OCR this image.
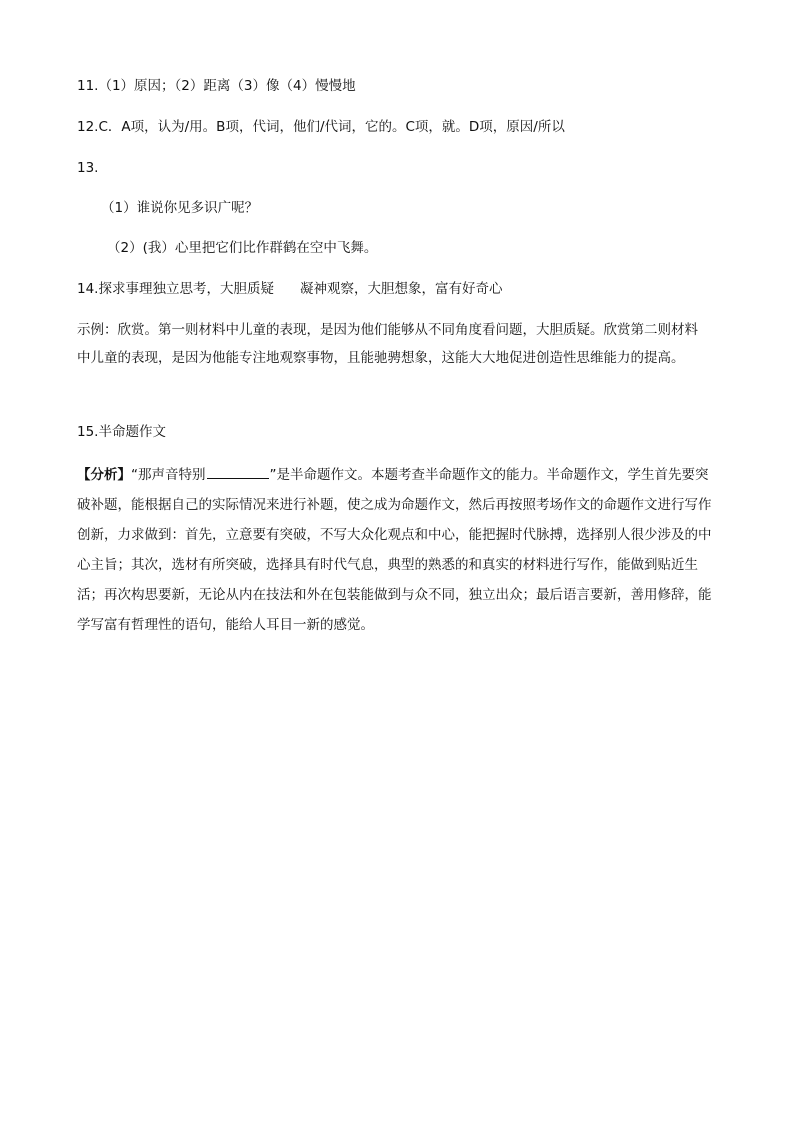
11.（1）原因；（2）距离（3）像（4）慢慢地
12.C．A项，认为/用。B项，代词，他们/代词，它的。C项，就。D项，原因/所以
13.
（1）谁说你见多识广呢？
（2）(我）心里把它们比作群鹤在空中飞舞。
14.探求事理独立思考，大胆质疑 凝神观察，大胆想象，富有好奇心
示例：欣赏。第一则材料中儿童的表现，是因为他们能够从不同角度看问题，大胆质疑。欣赏第二则材料中儿童的表现，是因为他能专注地观察事物，且能驰骋想象，这能大大地促进创造性思维能力的提高。
15.半命题作文
【分析】“那声音特别	”是半命题作文。本题考查半命题作文的能力。半命题作文，学生首先要突破补题，能根据自己的实际情况来进行补题，使之成为命题作文，然后再按照考场作文的命题作文进行写作创新，力求做到：首先，立意要有突破，不写大众化观点和中心，能把握时代脉搏，选择别人很少涉及的中心主旨；其次，选材有所突破，选择具有时代气息，典型的熟悉的和真实的材料进行写作，能做到贴近生活；再次构思要新，无论从内在技法和外在包装能做到与众不同，独立出众；最后语言要新，善用修辞，能学写富有哲理性的语句，能给人耳目一新的感觉。
